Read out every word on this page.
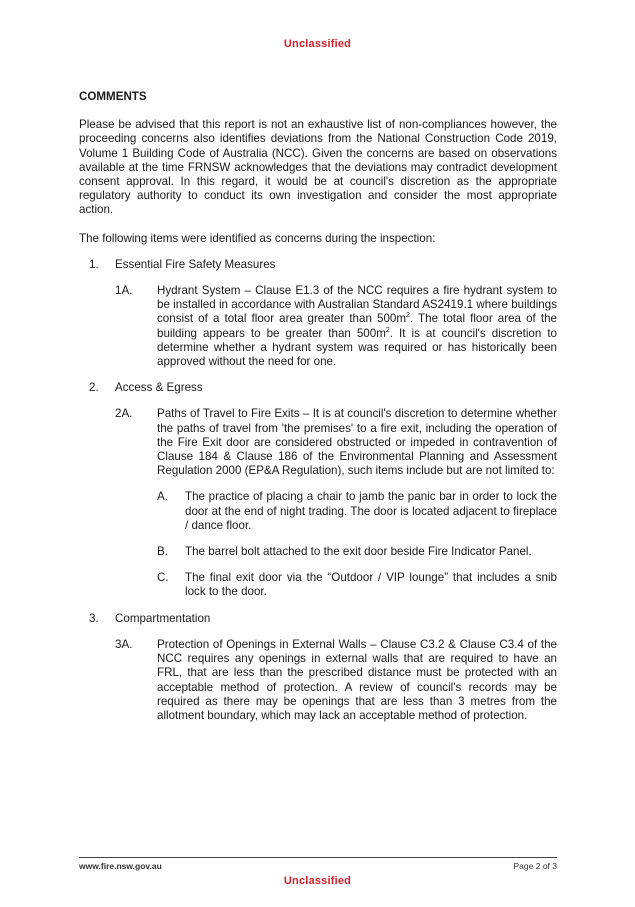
Unclassified
COMMENTS

Please be advised that this report is not an exhaustive list of non-compliances however, the proceeding concerns also identifies deviations from the National Construction Code 2019, Volume 1 Building Code of Australia (NCC). Given the concerns are based on observations available at the time FRNSW acknowledges that the deviations may contradict development consent approval. In this regard, it would be at council's discretion as the appropriate regulatory authority to conduct its own investigation and consider the most appropriate action.

The following items were identified as concerns during the inspection:

1. Essential Fire Safety Measures
1A. Hydrant System – Clause E1.3 of the NCC requires a fire hydrant system to be installed in accordance with Australian Standard AS2419.1 where buildings consist of a total floor area greater than $500m^2$. The total floor area of the building appears to be greater than $500m^2$. It is at council's discretion to determine whether a hydrant system was required or has historically been approved without the need for one.
2. Access & Egress
2A. Paths of Travel to Fire Exits – It is at council's discretion to determine whether the paths of travel from 'the premises' to a fire exit, including the operation of the Fire Exit door are considered obstructed or impeded in contravention of Clause 184 & Clause 186 of the Environmental Planning and Assessment Regulation 2000 (EP&A Regulation), such items include but are not limited to:
A. The practice of placing a chair to jamb the panic bar in order to lock the door at the end of night trading. The door is located adjacent to fireplace / dance floor.
B. The barrel bolt attached to the exit door beside Fire Indicator Panel.
C. The final exit door via the “Outdoor / VIP lounge” that includes a snib lock to the door.
3. Compartmentation
3A. Protection of Openings in External Walls – Clause C3.2 & Clause C3.4 of the NCC requires any openings in external walls that are required to have an FRL, that are less than the prescribed distance must be protected with an acceptable method of protection. A review of council's records may be required as there may be openings that are less than 3 metres from the allotment boundary, which may lack an acceptable method of protection.
www.fire.nsw.gov.au	Page 2 of 3
Unclassified
